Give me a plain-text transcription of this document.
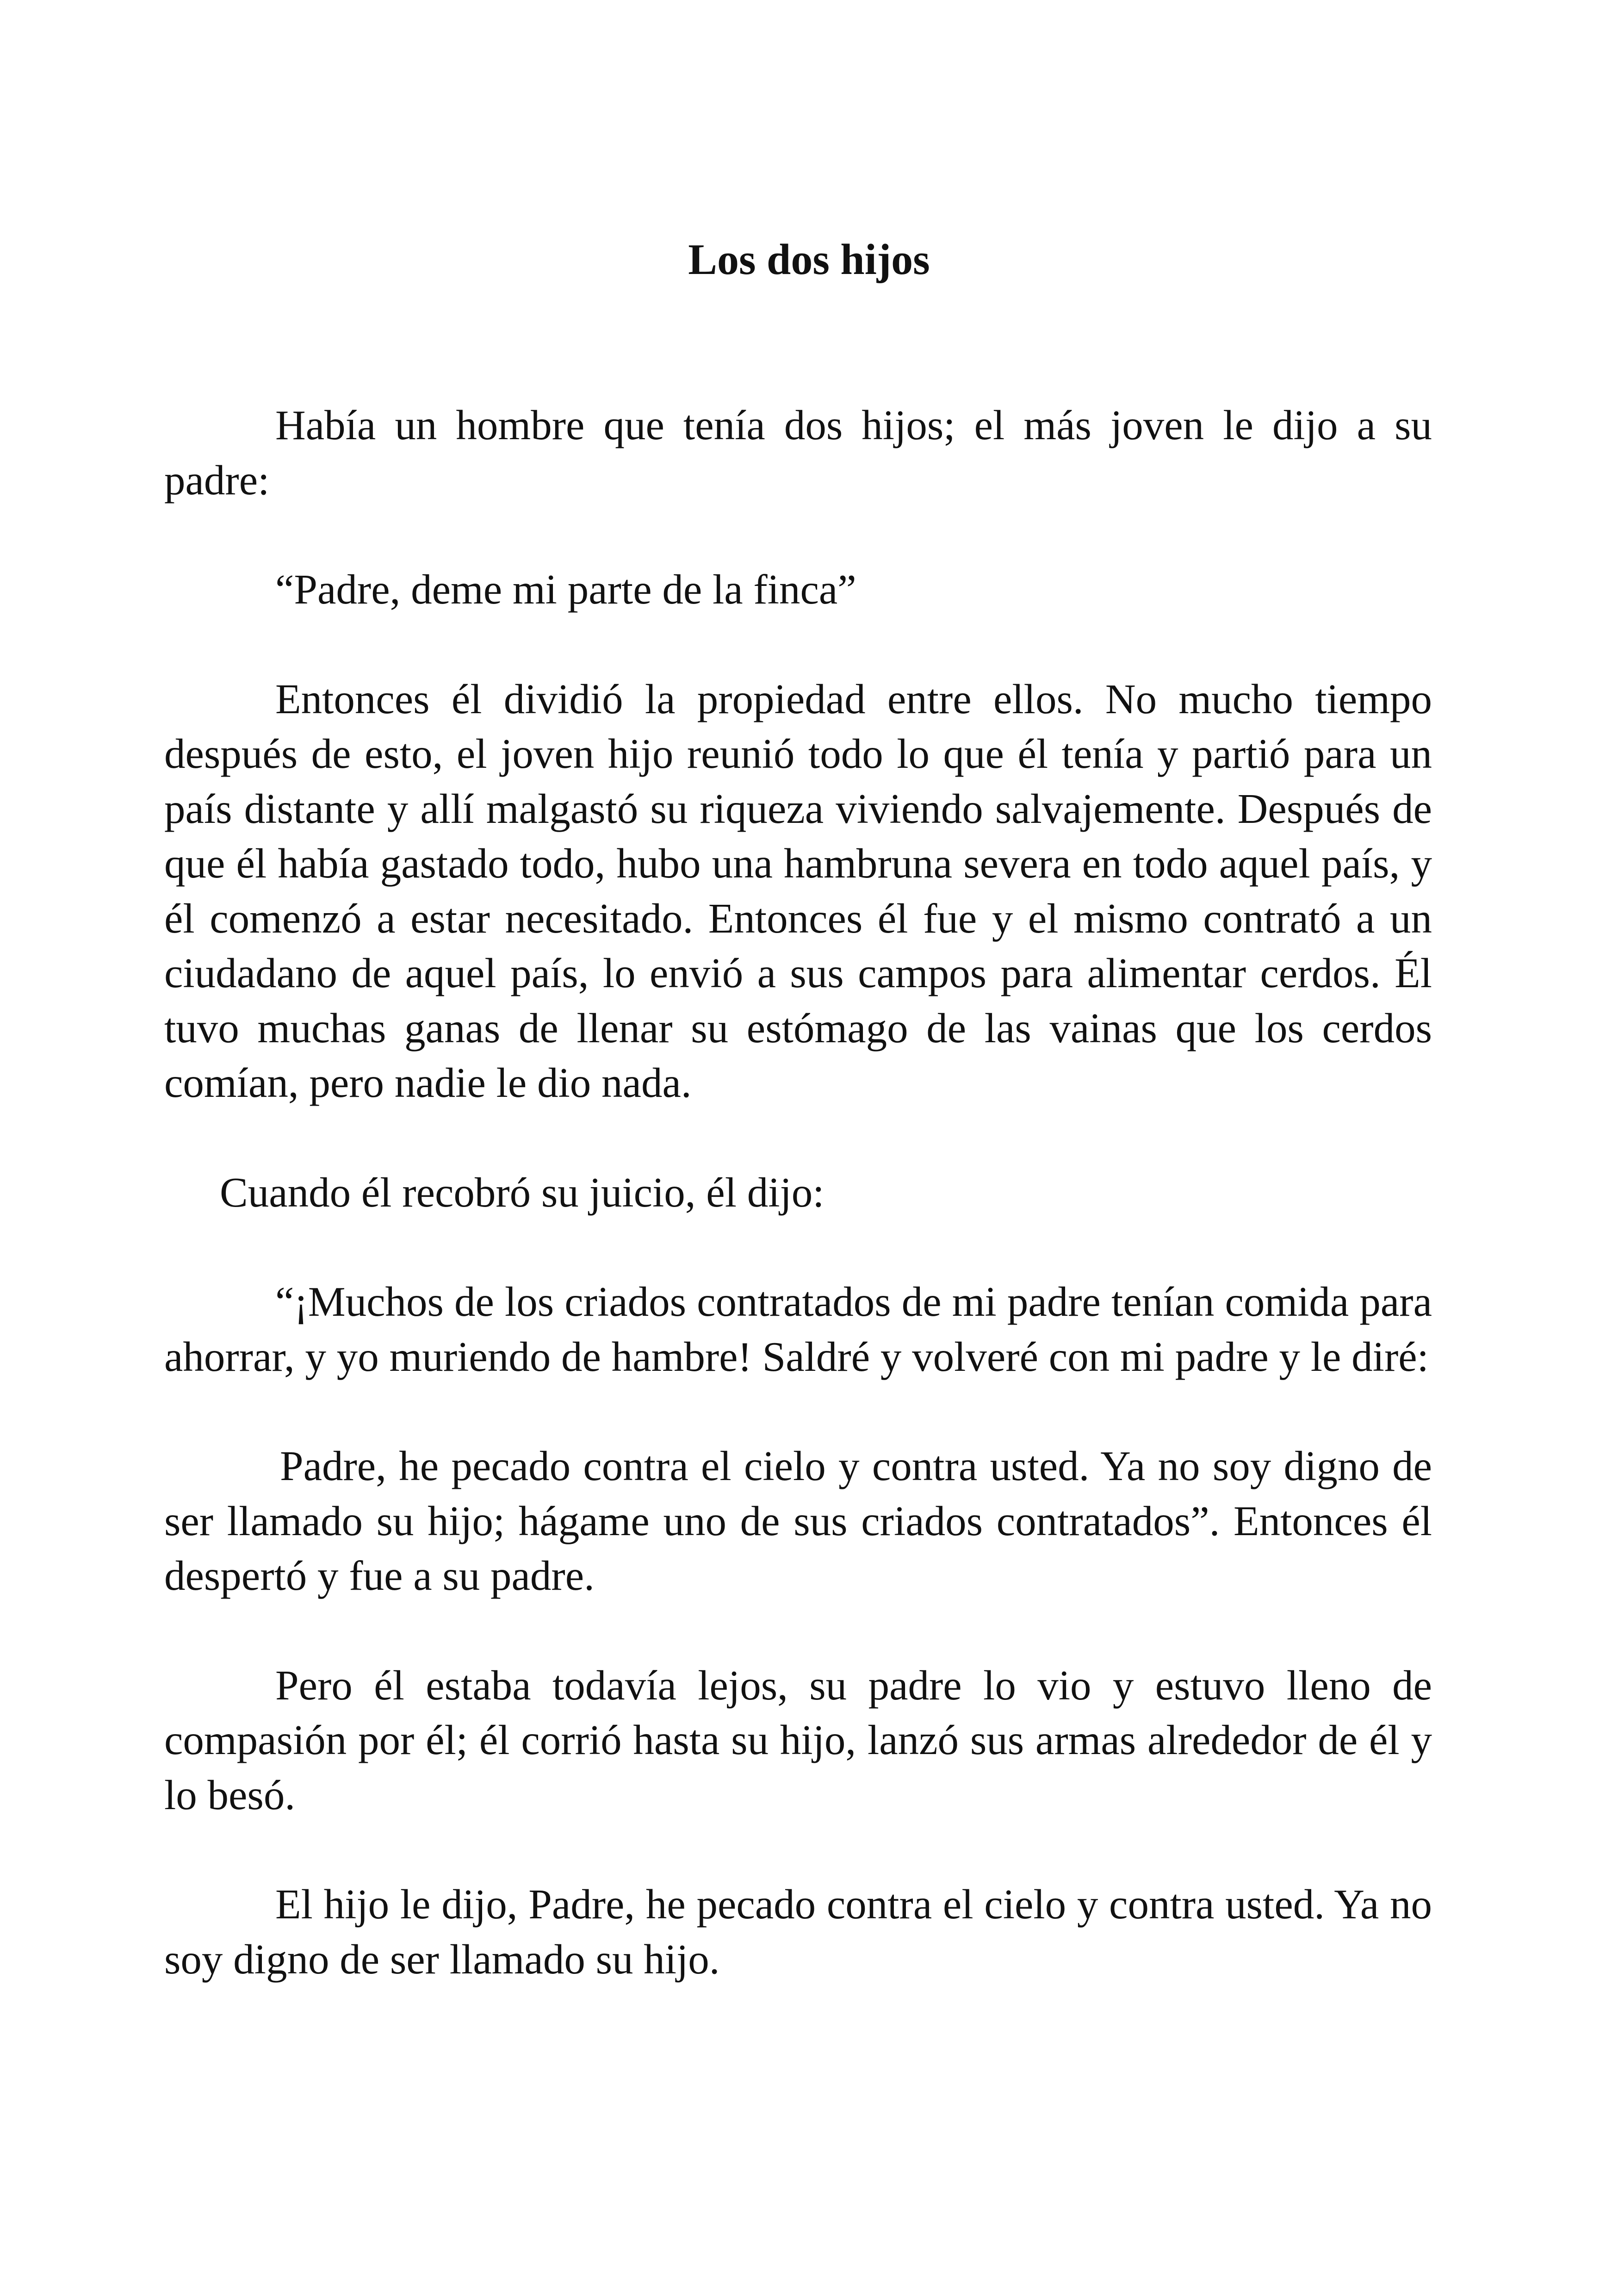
Los dos hijos

Había un hombre que tenía dos hijos; el más joven le dijo a su padre:

“Padre, deme mi parte de la finca”

Entonces él dividió la propiedad entre ellos. No mucho tiempo después de esto, el joven hijo reunió todo lo que él tenía y partió para un país distante y allí malgastó su riqueza viviendo salvajemente. Después de que él había gastado todo, hubo una hambruna severa en todo aquel país, y él comenzó a estar necesitado. Entonces él fue y el mismo contrató a un ciudadano de aquel país, lo envió a sus campos para alimentar cerdos. Él tuvo muchas ganas de llenar su estómago de las vainas que los cerdos comían, pero nadie le dio nada.

Cuando él recobró su juicio, él dijo:

“¡Muchos de los criados contratados de mi padre tenían comida para ahorrar, y yo muriendo de hambre! Saldré y volveré con mi padre y le diré:

Padre, he pecado contra el cielo y contra usted. Ya no soy digno de ser llamado su hijo; hágame uno de sus criados contratados”. Entonces él despertó y fue a su padre.

Pero él estaba todavía lejos, su padre lo vio y estuvo lleno de compasión por él; él corrió hasta su hijo, lanzó sus armas alrededor de él y lo besó.

El hijo le dijo, Padre, he pecado contra el cielo y contra usted. Ya no soy digno de ser llamado su hijo.
